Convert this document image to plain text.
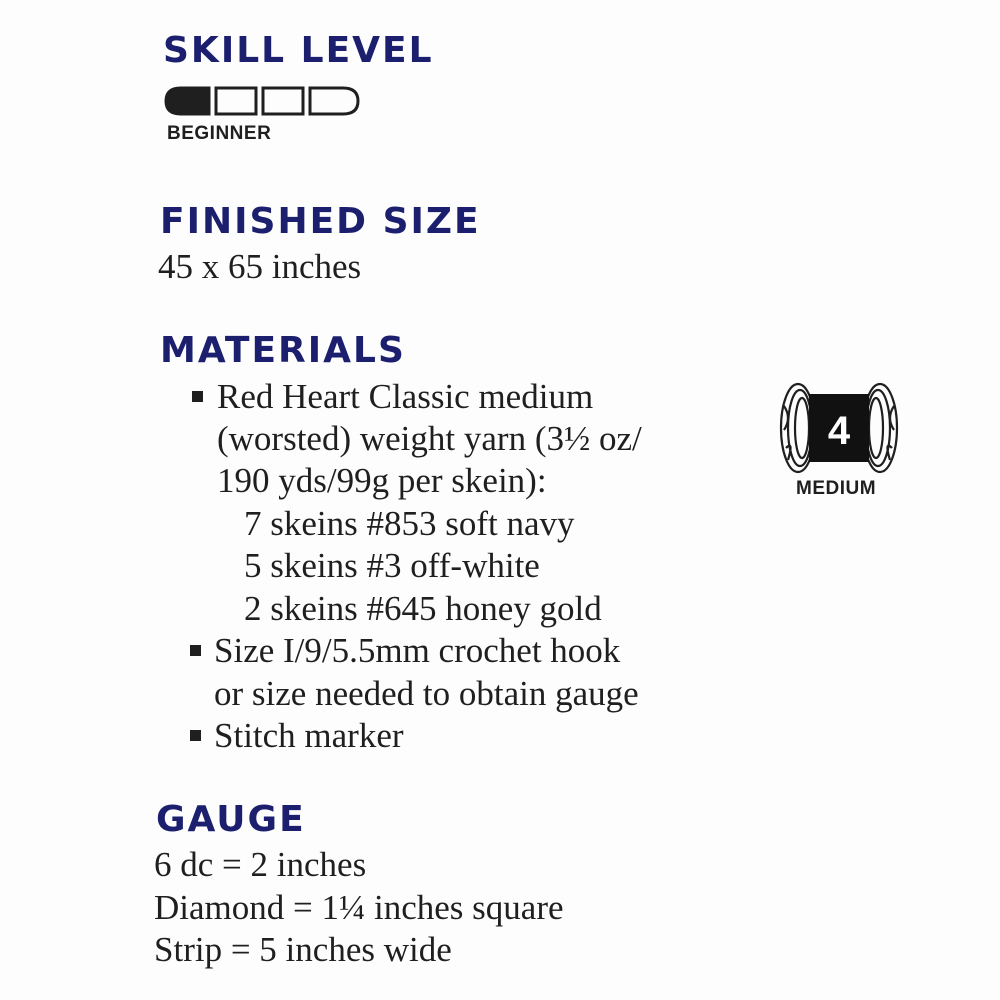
SKILL LEVEL
BEGINNER
FINISHED SIZE
45 x 65 inches
MATERIALS
Red Heart Classic medium
(worsted) weight yarn (3½ oz/
190 yds/99g per skein):
7 skeins #853 soft navy
5 skeins #3 off-white
2 skeins #645 honey gold
Size I/9/5.5mm crochet hook
or size needed to obtain gauge
Stitch marker
4
MEDIUM
GAUGE
6 dc = 2 inches
Diamond = 1¼ inches square
Strip = 5 inches wide
